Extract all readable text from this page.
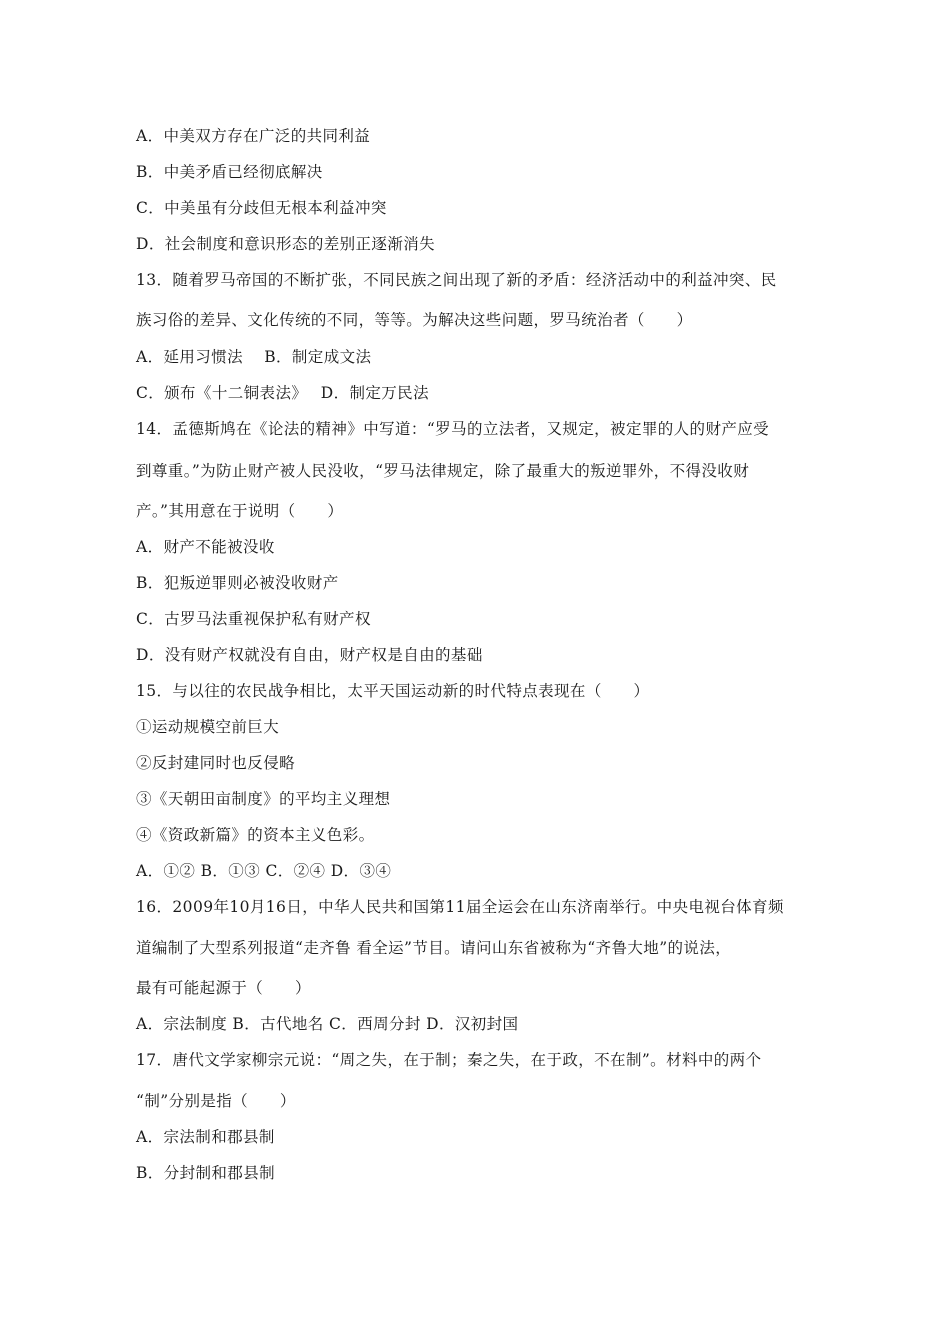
A．中美双方存在广泛的共同利益
B．中美矛盾已经彻底解决
C．中美虽有分歧但无根本利益冲突
D．社会制度和意识形态的差别正逐渐消失
13．随着罗马帝国的不断扩张，不同民族之间出现了新的矛盾：经济活动中的利益冲突、民
族习俗的差异、文化传统的不同，等等。为解决这些问题，罗马统治者（　　）
A．延用习惯法　 B．制定成文法
C．颁布《十二铜表法》　 D．制定万民法
14．孟德斯鸠在《论法的精神》中写道：“罗马的立法者，又规定，被定罪的人的财产应受
到尊重。”为防止财产被人民没收，“罗马法律规定，除了最重大的叛逆罪外，不得没收财
产。”其用意在于说明（　　）
A．财产不能被没收
B．犯叛逆罪则必被没收财产
C．古罗马法重视保护私有财产权
D．没有财产权就没有自由，财产权是自由的基础
15．与以往的农民战争相比，太平天国运动新的时代特点表现在（　　）
①运动规模空前巨大
②反封建同时也反侵略
③《天朝田亩制度》的平均主义理想
④《资政新篇》的资本主义色彩。
A．①② B．①③ C．②④ D．③④
16．2009年10月16日，中华人民共和国第11届全运会在山东济南举行。中央电视台体育频
道编制了大型系列报道“走齐鲁 看全运”节目。请问山东省被称为“齐鲁大地”的说法，
最有可能起源于（　　）
A．宗法制度 B．古代地名 C．西周分封 D．汉初封国
17．唐代文学家柳宗元说：“周之失，在于制；秦之失，在于政，不在制”。材料中的两个
“制”分别是指（　　）
A．宗法制和郡县制
B．分封制和郡县制
